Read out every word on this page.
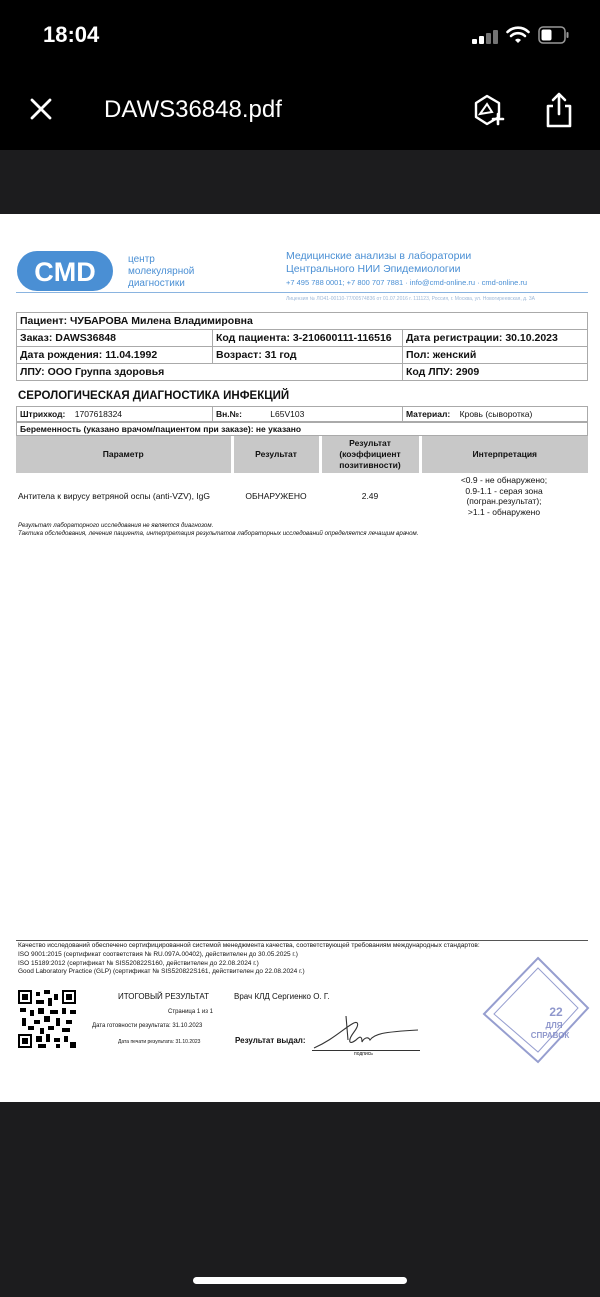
18:04
DAWS36848.pdf
CMD	центр
молекулярной
диагностики
Медицинские анализы в лаборатории
Центрального НИИ Эпидемиологии
+7 495 788 0001; +7 800 707 7881 · info@cmd-online.ru · cmd-online.ru
Лицензия № ЛО41-00110-77/00574836 от 01.07.2016 г. 111123, Россия, г. Москва, ул. Новогиреевская, д. 3А
Пациент: ЧУБАРОВА Милена Владимировна		
Заказ: DAWS36848	Код пациента: 3-210600111-116516	Дата регистрации: 30.10.2023
Дата рождения: 11.04.1992	Возраст: 31 год	Пол: женский
ЛПУ: ООО Группа здоровья		Код ЛПУ: 2909
СЕРОЛОГИЧЕСКАЯ ДИАГНОСТИКА ИНФЕКЦИЙ
Штрихкод: 1707618324	Вн.№:	L65V103	Материал: Кровь (сыворотка)
Беременность (указано врачом/пациентом при заказе): не указано
Параметр	Результат	Результат (коэффициент позитивности)	Интерпретация
Антитела к вирусу ветряной оспы (anti-VZV), IgG	ОБНАРУЖЕНО	2.49	<0.9 - не обнаружено;
0.9-1.1 - серая зона
(погран.результат);
>1.1 - обнаружено
Результат лабораторного исследования не является диагнозом.
Тактика обследования, лечения пациента, интерпретация результатов лабораторных исследований определяется лечащим врачом.
Качество исследований обеспечено сертифицированной системой менеджмента качества, соответствующей требованиям международных стандартов:
ISO 9001:2015 (сертификат соответствия № RU.097А.00402), действителен до 30.05.2025 г.)
ISO 15189:2012 (сертификат № SIS520822S160, действителен до 22.08.2024 г.)
Good Laboratory Practice (GLP) (сертификат № SIS520822S161, действителен до 22.08.2024 г.)
ИТОГОВЫЙ РЕЗУЛЬТАТ	Врач КЛД Сергиенко О. Г.
Страница 1 из 1
Дата готовности результата: 31.10.2023
Дата печати результата: 31.10.2023	Результат выдал:
подпись
22
ДЛЯ
СПРАВОК
